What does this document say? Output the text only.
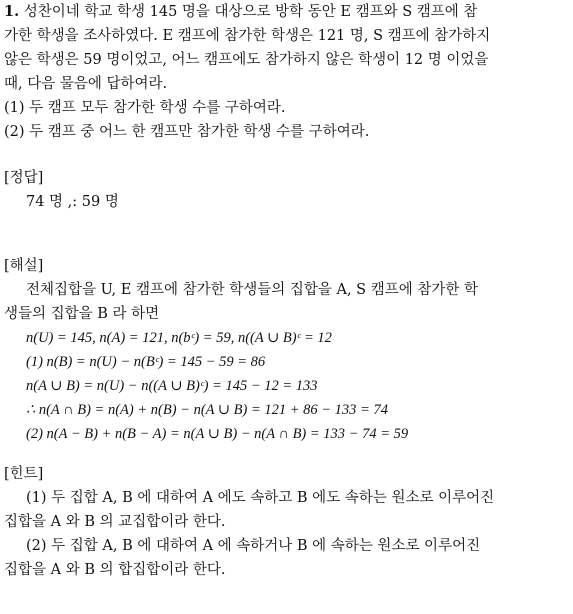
1. 성찬이네 학교 학생 145 명을 대상으로 방학 동안 E 캠프와 S 캠프에 참
가한 학생을 조사하였다. E 캠프에 참가한 학생은 121 명, S 캠프에 참가하지
않은 학생은 59 명이었고, 어느 캠프에도 참가하지 않은 학생이 12 명 이었을
때, 다음 물음에 답하여라.
(1) 두 캠프 모두 참가한 학생 수를 구하여라.
(2) 두 캠프 중 어느 한 캠프만 참가한 학생 수를 구하여라.
[정답]
74 명 ,: 59 명
[해설]
전체집합을 U, E 캠프에 참가한 학생들의 집합을 A, S 캠프에 참가한 학
생들의 집합을 B 라 하면
n(U) = 145, n(A) = 121, n(bᶜ) = 59, n((A ∪ B)ᶜ = 12
(1) n(B) = n(U) − n(Bᶜ) = 145 − 59 = 86
n(A ∪ B) = n(U) − n((A ∪ B)ᶜ) = 145 − 12 = 133
∴ n(A ∩ B) = n(A) + n(B) − n(A ∪ B) = 121 + 86 − 133 = 74
(2) n(A − B) + n(B − A) = n(A ∪ B) − n(A ∩ B) = 133 − 74 = 59
[힌트]
(1) 두 집합 A, B 에 대하여 A 에도 속하고 B 에도 속하는 원소로 이루어진
집합을 A 와 B 의 교집합이라 한다.
(2) 두 집합 A, B 에 대하여 A 에 속하거나 B 에 속하는 원소로 이루어진
집합을 A 와 B 의 합집합이라 한다.
